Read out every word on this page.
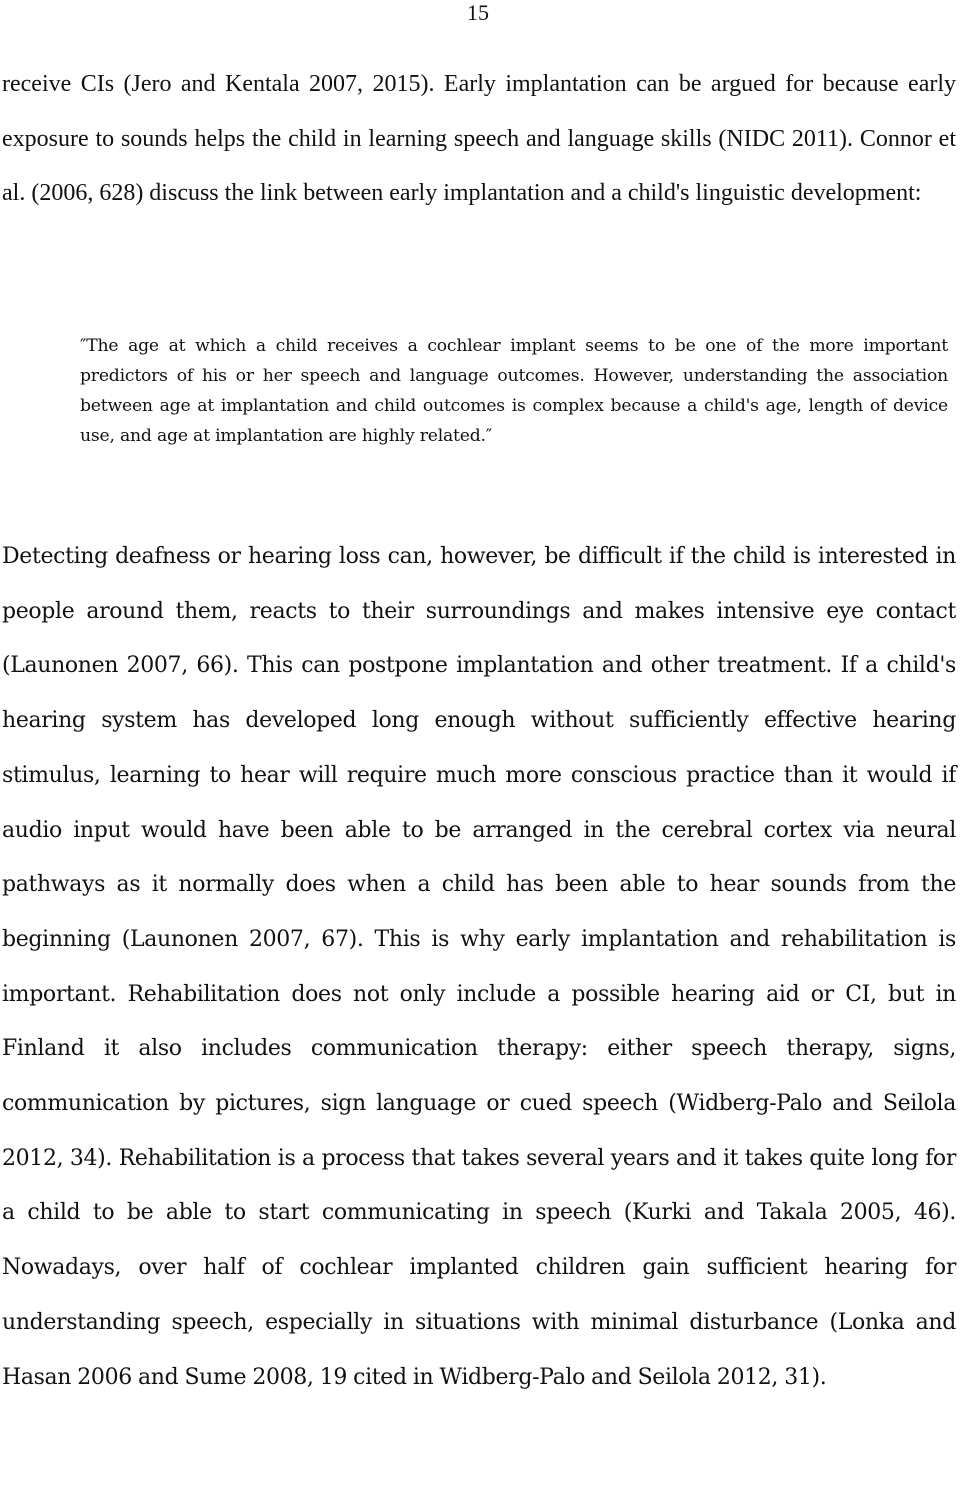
15

receive CIs (Jero and Kentala 2007, 2015). Early implantation can be argued for because early exposure to sounds helps the child in learning speech and language skills (NIDC 2011). Connor et al. (2006, 628) discuss the link between early implantation and a child's linguistic development:

″The age at which a child receives a cochlear implant seems to be one of the more important predictors of his or her speech and language outcomes. However, understanding the association between age at implantation and child outcomes is complex because a child's age, length of device use, and age at implantation are highly related.″

Detecting deafness or hearing loss can, however, be difficult if the child is interested in people around them, reacts to their surroundings and makes intensive eye contact (Launonen 2007, 66). This can postpone implantation and other treatment. If a child's hearing system has developed long enough without sufficiently effective hearing stimulus, learning to hear will require much more conscious practice than it would if audio input would have been able to be arranged in the cerebral cortex via neural pathways as it normally does when a child has been able to hear sounds from the beginning (Launonen 2007, 67). This is why early implantation and rehabilitation is important. Rehabilitation does not only include a possible hearing aid or CI, but in Finland it also includes communication therapy: either speech therapy, signs, communication by pictures, sign language or cued speech (Widberg-Palo and Seilola 2012, 34). Rehabilitation is a process that takes several years and it takes quite long for a child to be able to start communicating in speech (Kurki and Takala 2005, 46). Nowadays, over half of cochlear implanted children gain sufficient hearing for understanding speech, especially in situations with minimal disturbance (Lonka and Hasan 2006 and Sume 2008, 19 cited in Widberg-Palo and Seilola 2012, 31).
